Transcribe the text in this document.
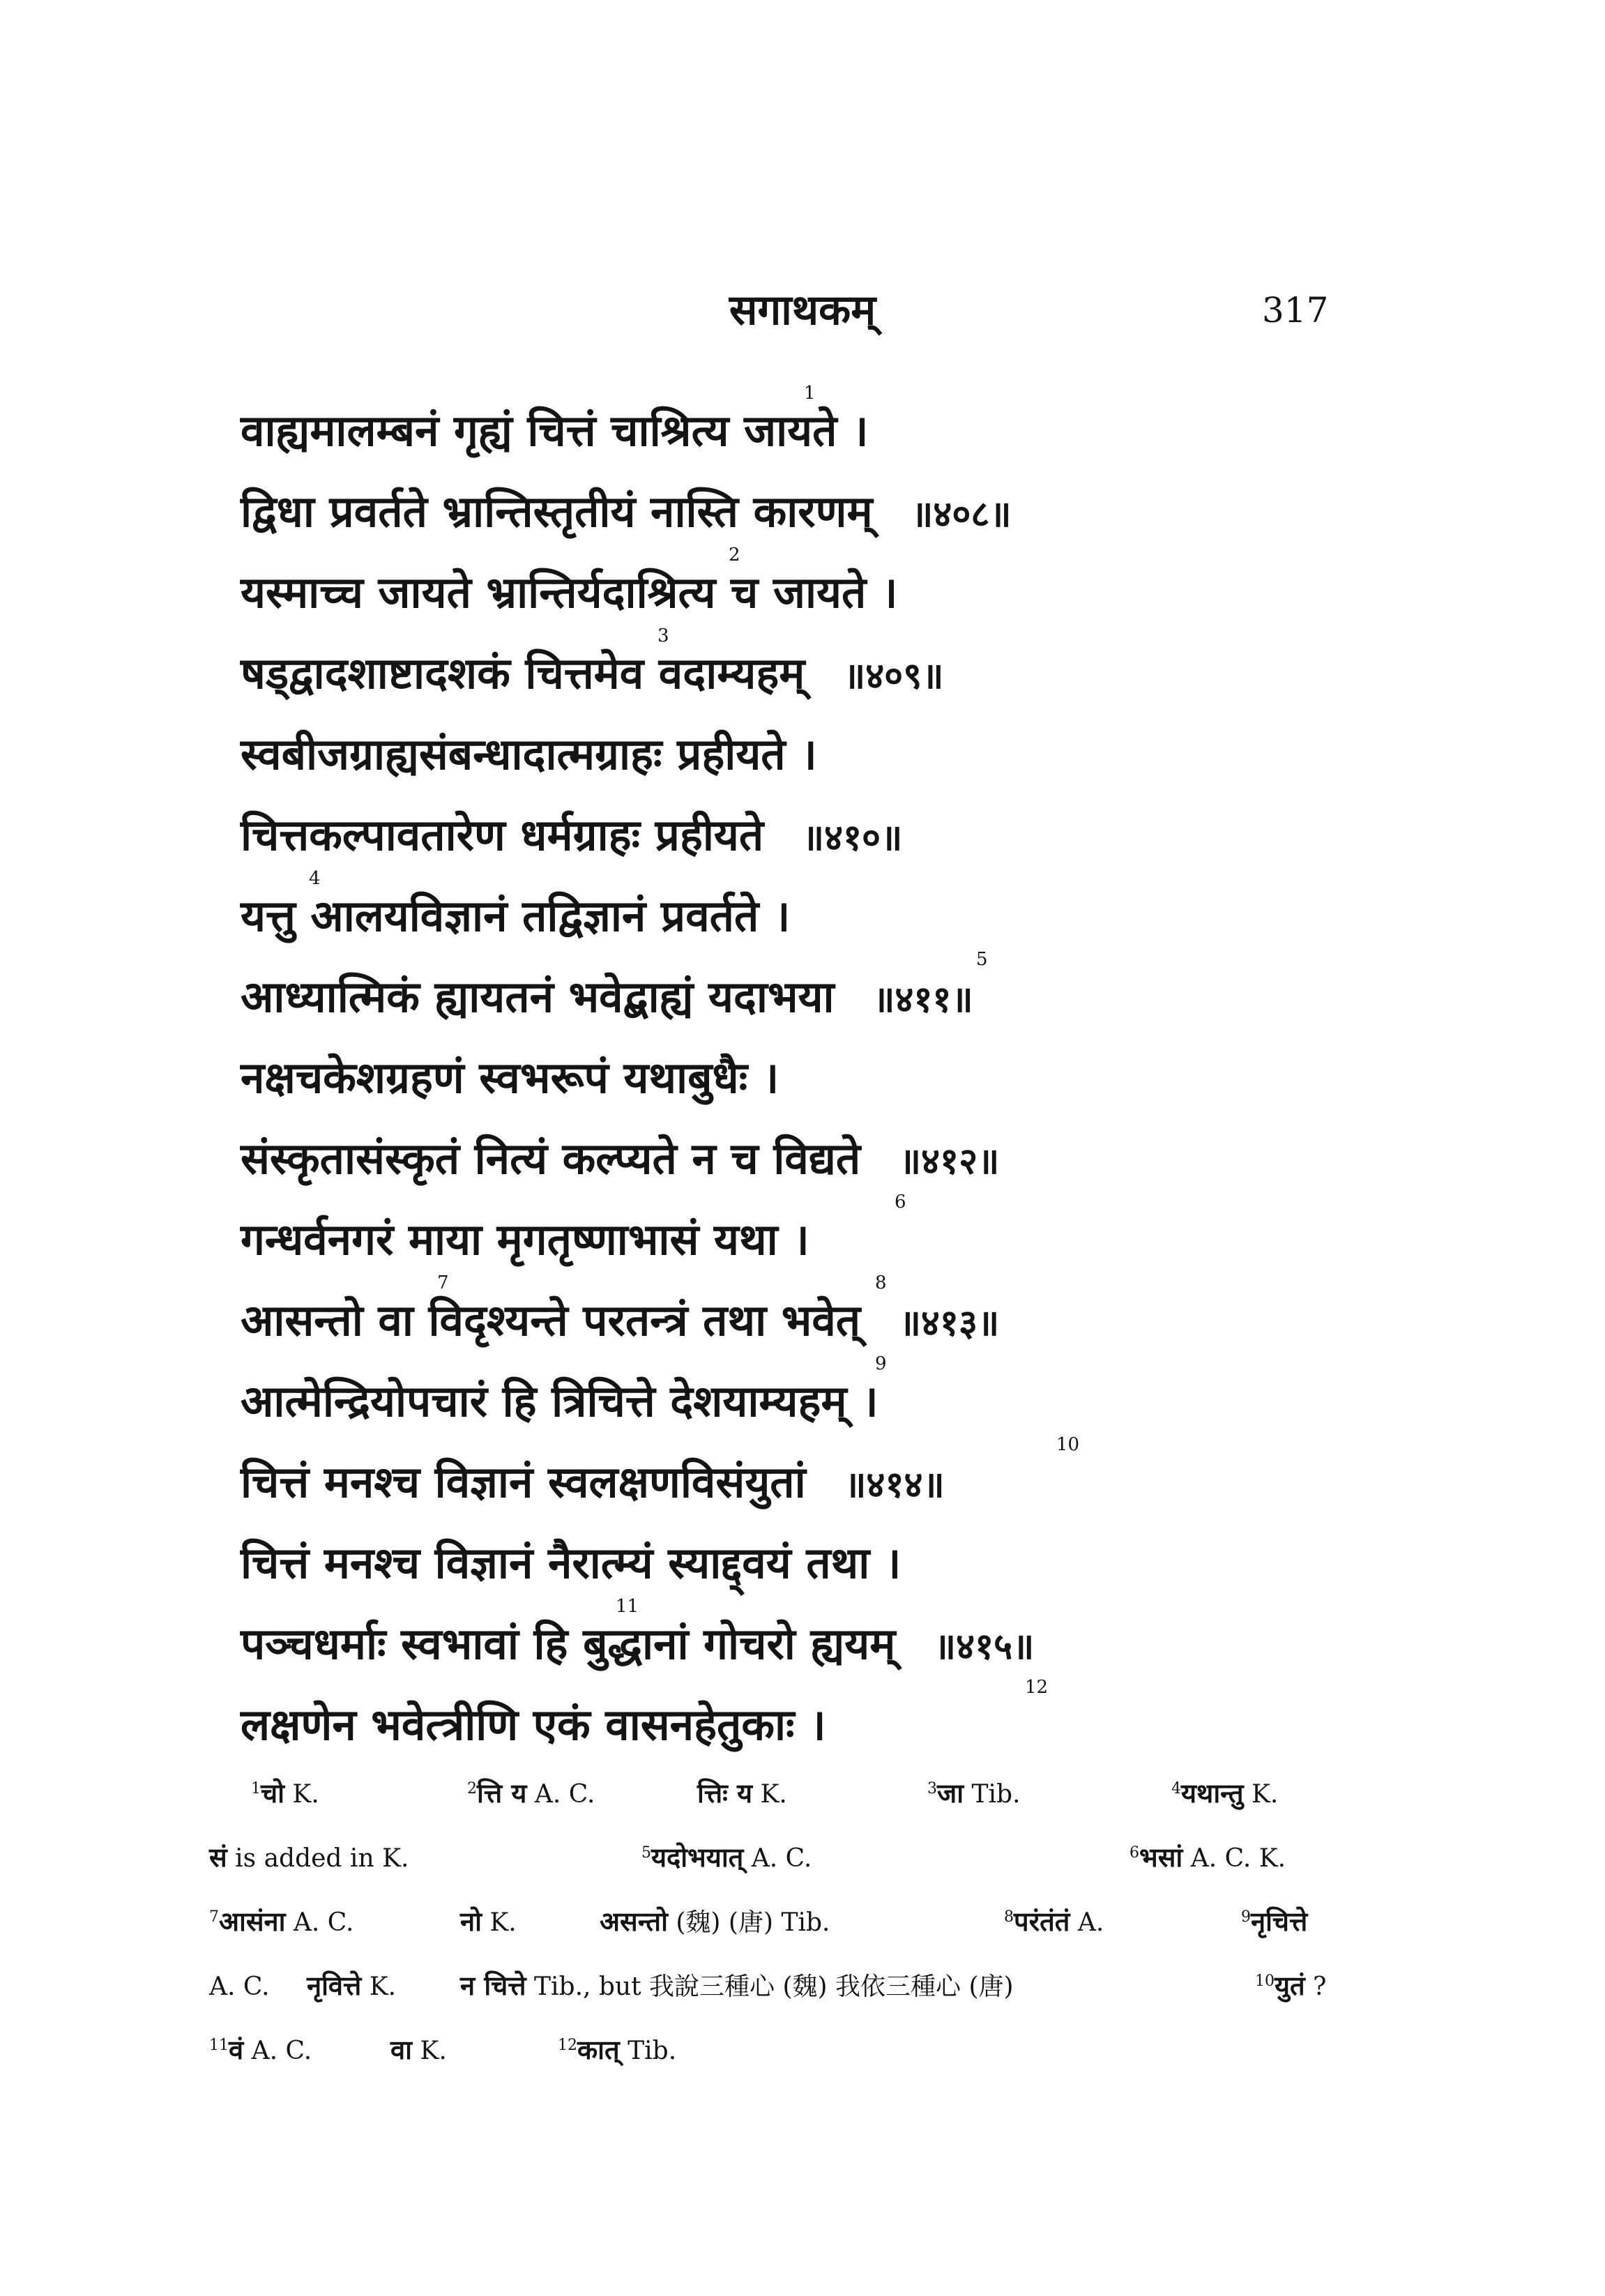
सगाथकम्	317
वाह्यमालम्बनं गृह्यं चित्तं चाश्रित्य जायते ।
1
द्विधा प्रवर्तते भ्रान्तिस्तृतीयं नास्ति कारणम् ॥४०८॥
यस्माच्च जायते भ्रान्तिर्यदाश्रित्य च जायते ।
2
षड्द्वादशाष्टादशकं चित्तमेव वदाम्यहम् ॥४०९॥
3
स्वबीजग्राह्यसंबन्धादात्मग्राहः प्रहीयते ।
चित्तकल्पावतारेण धर्मग्राहः प्रहीयते ॥४१०॥
यत्तु आलयविज्ञानं तद्विज्ञानं प्रवर्तते ।
4
आध्यात्मिकं ह्यायतनं भवेद्बाह्यं यदाभया ॥४११॥
5
नक्षचकेशग्रहणं स्वभरूपं यथाबुधैः ।
संस्कृतासंस्कृतं नित्यं कल्प्यते न च विद्यते ॥४१२॥
गन्धर्वनगरं माया मृगतृष्णाभासं यथा ।
6
आसन्तो वा विदृश्यन्ते परतन्त्रं तथा भवेत् ॥४१३॥
7	8
आत्मेन्द्रियोपचारं हि त्रिचित्ते देशयाम्यहम् ।
9
चित्तं मनश्च विज्ञानं स्वलक्षणविसंयुतां ॥४१४॥
10
चित्तं मनश्च विज्ञानं नैरात्म्यं स्याद्द्वयं तथा ।
पञ्चधर्माः स्वभावां हि बुद्धानां गोचरो ह्ययम् ॥४१५॥
11
लक्षणेन भवेत्त्रीणि एकं वासनहेतुकाः ।
12
$^1$चो K.	$^2$त्ति य A. C.	त्तिः य K.	$^3$जा Tib.	$^4$यथान्तु K.
सं is added in K.	$^5$यदोभयात् A. C.	$^6$भसां A. C. K.
$^7$आसंना A. C.	नो K.	असन्तो (魏) (唐) Tib.	$^8$परंतंतं A.	$^9$नृचित्ते
A. C. नृवित्ते K. न चित्ते Tib., but 我說三種心 (魏) 我依三種心 (唐)	$^{10}$युतं ?
$^{11}$वं A. C.	वा K.	$^{12}$कात् Tib.
